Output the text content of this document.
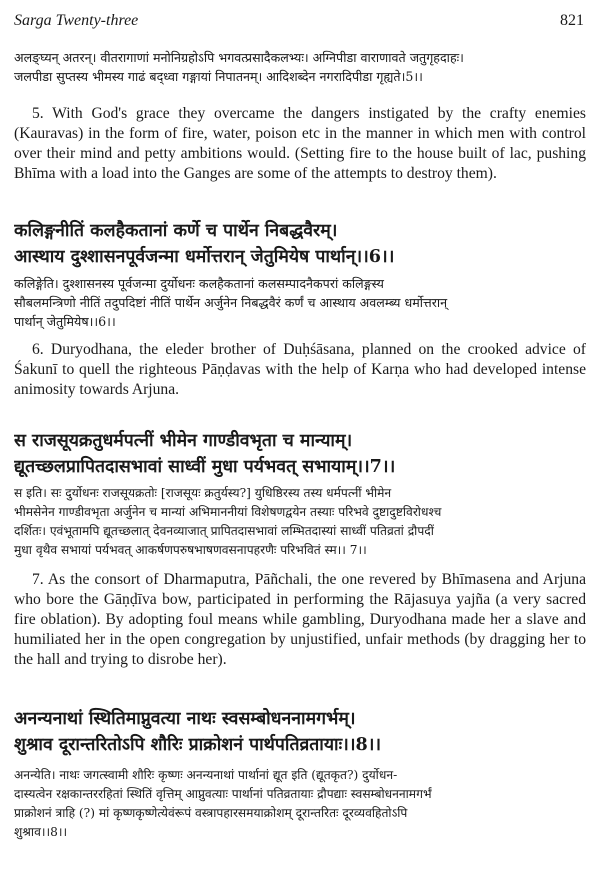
Sarga Twenty-three	821
अलङ्घ्यन् अतरन्। वीतरागाणां मनोनिग्रहोऽपि भगवत्प्रसादैकलभ्यः। अग्निपीडा वाराणावते जतुगृहदाहः।
जलपीडा सुप्तस्य भीमस्य गाढं बद्ध्वा गङ्गायां निपातनम्। आदिशब्देन नगरादिपीडा गृह्यते।5।।
5. With God's grace they overcame the dangers instigated by the crafty enemies (Kauravas) in the form of fire, water, poison etc in the manner in which men with control over their mind and petty ambitions would. (Setting fire to the house built of lac, pushing Bhīma with a load into the Ganges are some of the attempts to destroy them).
कलिङ्गनीतिं कलहैकतानां कर्णे च पार्थेन निबद्धवैरम्।
आस्थाय दुश्शासनपूर्वजन्मा धर्मोत्तरान् जेतुमियेष पार्थान्।।6।।
कलिङ्गेति। दुश्शासनस्य पूर्वजन्मा दुर्योधनः कलहैकतानां कलसम्पादनैकपरां कलिङ्गस्य
सौबलमन्त्रिणो नीतिं तदुपदिष्टां नीतिं पार्थेन अर्जुनेन निबद्धवैरं कर्णं च आस्थाय अवलम्ब्य धर्मोत्तरान्
पार्थान् जेतुमियेष।।6।।
6. Duryodhana, the eleder brother of Duḥśāsana, planned on the crooked advice of Śakunī to quell the righteous Pāṇḍavas with the help of Karṇa who had developed intense animosity towards Arjuna.
स राजसूयक्रतुधर्मपत्नीं भीमेन गाण्डीवभृता च मान्याम्।
द्यूतच्छलप्रापितदासभावां साध्वीं मुधा पर्यभवत् सभायाम्।।7।।
स इति। सः दुर्योधनः राजसूयक्रतोः [राजसूयः क्रतुर्यस्य?] युधिष्ठिरस्य तस्य धर्मपत्नीं भीमेन
भीमसेनेन गाण्डीवभृता अर्जुनेन च मान्यां अभिमाननीयां विशेषणद्वयेन तस्याः परिभवे दुष्टादुष्टविरोधश्च
दर्शितः। एवंभूतामपि द्यूतच्छलात् देवनव्याजात् प्रापितदासभावां लम्भितदास्यां साध्वीं पतिव्रतां द्रौपदीं
मुधा वृथैव सभायां पर्यभवत् आकर्षणपरुषभाषणवसनापहरणैः परिभवितं स्म।। 7।।
7. As the consort of Dharmaputra, Pāñchali, the one revered by Bhīmasena and Arjuna who bore the Gāṇḍīva bow, participated in performing the Rājasuya yajña (a very sacred fire oblation). By adopting foul means while gambling, Duryodhana made her a slave and humiliated her in the open congregation by unjustified, unfair methods (by dragging her to the hall and trying to disrobe her).
अनन्यनाथां स्थितिमाप्नुवत्या नाथः स्वसम्बोधननामगर्भम्।
शुश्राव दूरान्तरितोऽपि शौरिः प्राक्रोशनं पार्थपतिव्रतायाः।।8।।
अनन्येति। नाथः जगत्स्वामी शौरिः कृष्णः अनन्यनाथां पार्थानां द्यूत इति (द्यूतकृत?) दुर्योधन-
दास्यत्वेन रक्षकान्तररहितां स्थितिं वृत्तिम् आप्नुवत्याः पार्थानां पतिव्रतायाः द्रौपद्याः स्वसम्बोधननामगर्भं
प्राक्रोशनं त्राहि (?) मां कृष्णकृष्णेत्येवंरूपं वस्त्रापहारसमयाक्रोशम् दूरान्तरितः दूरव्यवहितोऽपि
शुश्राव।।8।।
